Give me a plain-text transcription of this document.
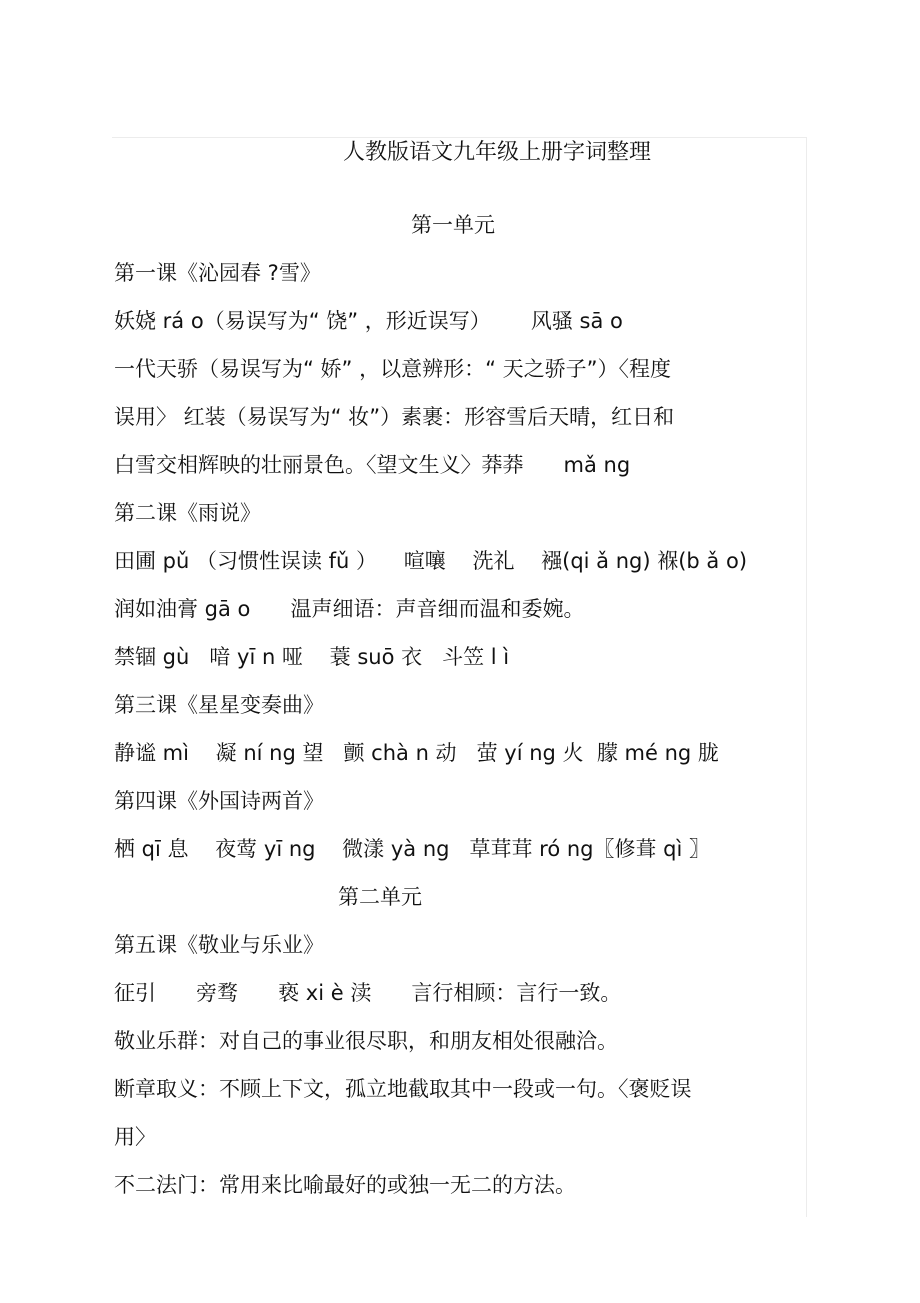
人教版语文九年级上册字词整理
第一单元
第一课《沁园春 ?雪》
妖娆 rá o（易误写为“ 饶” ，形近误写）      风骚 sā o
一代天骄（易误写为“ 娇” ，以意辨形：“ 天之骄子”）〈程度
误用〉 红装（易误写为“ 妆”）素裹：形容雪后天晴，红日和
白雪交相辉映的壮丽景色。〈望文生义〉莽莽      mǎ ng
第二课《雨说》
田圃 pǔ （习惯性误读 fǔ ）    喧嚷    洗礼    襁(qi ǎ ng) 褓(b ǎ o)
润如油膏 gā o      温声细语：声音细而温和委婉。
禁锢 gù   喑 yī n 哑    蓑 suō 衣   斗笠 l ì
第三课《星星变奏曲》
静谧 mì    凝 ní ng 望   颤 chà n 动   萤 yí ng 火  朦 mé ng 胧
第四课《外国诗两首》
栖 qī 息    夜莺 yī ng    微漾 yà ng   草茸茸 ró ng〖修葺 qì 〗
第二单元
第五课《敬业与乐业》
征引      旁骛      亵 xi è 渎      言行相顾：言行一致。
敬业乐群：对自己的事业很尽职，和朋友相处很融洽。
断章取义：不顾上下文，孤立地截取其中一段或一句。〈褒贬误
用〉
不二法门：常用来比喻最好的或独一无二的方法。
